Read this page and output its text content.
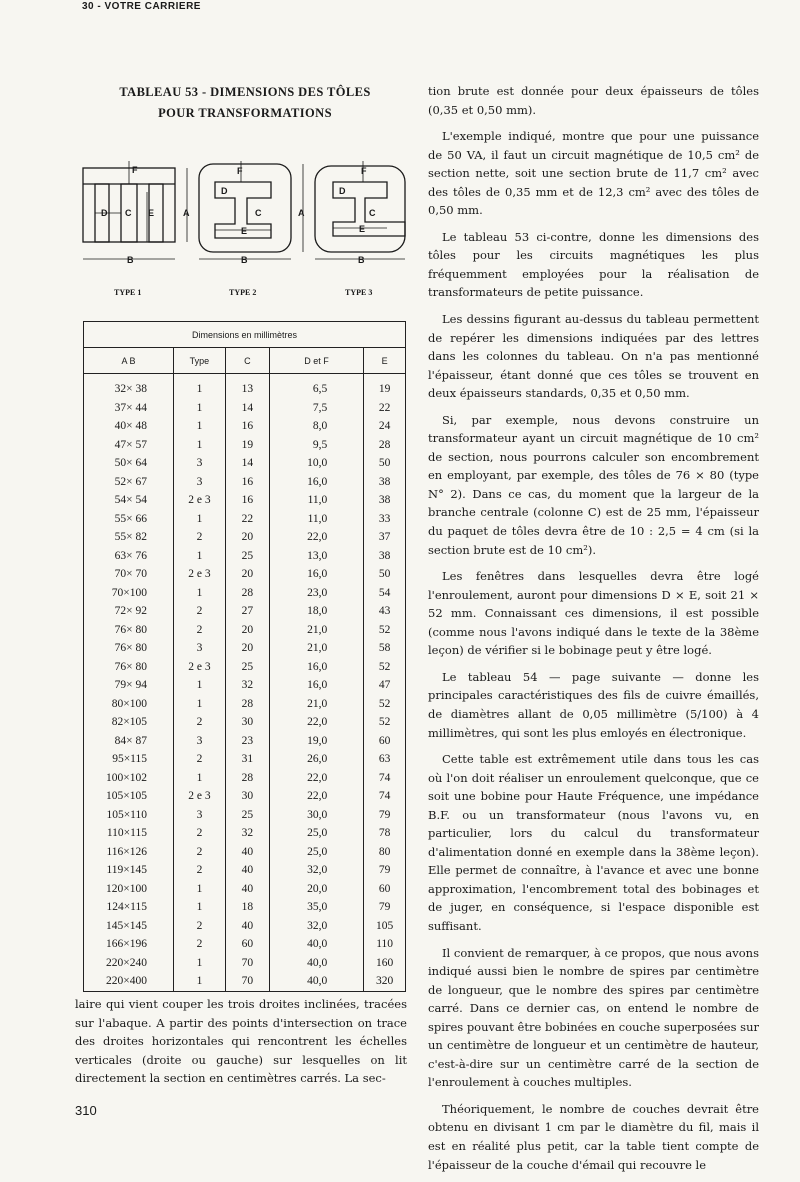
30 - VOTRE CARRIERE
TABLEAU 53 - DIMENSIONS DES TÔLES
POUR TRANSFORMATIONS
F
D C E	A
B
F
D
C
E
A
B
F
D
C
E
B
TYPE 1	TYPE 2	TYPE 3
Dimensions en millimètres				
A B	Type	C	D et F	E
32× 38	1	13	6,5	19
37× 44	1	14	7,5	22
40× 48	1	16	8,0	24
47× 57	1	19	9,5	28
50× 64	3	14	10,0	50
52× 67	3	16	16,0	38
54× 54	2 e 3	16	11,0	38
55× 66	1	22	11,0	33
55× 82	2	20	22,0	37
63× 76	1	25	13,0	38
70× 70	2 e 3	20	16,0	50
70×100	1	28	23,0	54
72× 92	2	27	18,0	43
76× 80	2	20	21,0	52
76× 80	3	20	21,0	58
76× 80	2 e 3	25	16,0	52
79× 94	1	32	16,0	47
80×100	1	28	21,0	52
82×105	2	30	22,0	52
84× 87	3	23	19,0	60
95×115	2	31	26,0	63
100×102	1	28	22,0	74
105×105	2 e 3	30	22,0	74
105×110	3	25	30,0	79
110×115	2	32	25,0	78
116×126	2	40	25,0	80
119×145	2	40	32,0	79
120×100	1	40	20,0	60
124×115	1	18	35,0	79
145×145	2	40	32,0	105
166×196	2	60	40,0	110
220×240	1	70	40,0	160
220×400	1	70	40,0	320
laire qui vient couper les trois droites inclinées, tracées sur l'abaque. A partir des points d'intersection on trace des droites horizontales qui rencontrent les échelles verticales (droite ou gauche) sur lesquelles on lit directement la section en centimètres carrés. La sec-

tion brute est donnée pour deux épaisseurs de tôles (0,35 et 0,50 mm).

L'exemple indiqué, montre que pour une puissance de 50 VA, il faut un circuit magnétique de 10,5 cm² de section nette, soit une section brute de 11,7 cm² avec des tôles de 0,35 mm et de 12,3 cm² avec des tôles de 0,50 mm.

Le tableau 53 ci-contre, donne les dimensions des tôles pour les circuits magnétiques les plus fréquemment employées pour la réalisation de transformateurs de petite puissance.

Les dessins figurant au-dessus du tableau permettent de repérer les dimensions indiquées par des lettres dans les colonnes du tableau. On n'a pas mentionné l'épaisseur, étant donné que ces tôles se trouvent en deux épaisseurs standards, 0,35 et 0,50 mm.

Si, par exemple, nous devons construire un transformateur ayant un circuit magnétique de 10 cm² de section, nous pourrons calculer son encombrement en employant, par exemple, des tôles de 76 × 80 (type N° 2). Dans ce cas, du moment que la largeur de la branche centrale (colonne C) est de 25 mm, l'épaisseur du paquet de tôles devra être de 10 : 2,5 = 4 cm (si la section brute est de 10 cm²).

Les fenêtres dans lesquelles devra être logé l'enroulement, auront pour dimensions D × E, soit 21 × 52 mm. Connaissant ces dimensions, il est possible (comme nous l'avons indiqué dans le texte de la 38ème leçon) de vérifier si le bobinage peut y être logé.

Le tableau 54 — page suivante — donne les principales caractéristiques des fils de cuivre émaillés, de diamètres allant de 0,05 millimètre (5/100) à 4 millimètres, qui sont les plus emloyés en électronique.

Cette table est extrêmement utile dans tous les cas où l'on doit réaliser un enroulement quelconque, que ce soit une bobine pour Haute Fréquence, une impédance B.F. ou un transformateur (nous l'avons vu, en particulier, lors du calcul du transformateur d'alimentation donné en exemple dans la 38ème leçon). Elle permet de connaître, à l'avance et avec une bonne approximation, l'encombrement total des bobinages et de juger, en conséquence, si l'espace disponible est suffisant.

Il convient de remarquer, à ce propos, que nous avons indiqué aussi bien le nombre de spires par centimètre de longueur, que le nombre des spires par centimètre carré. Dans ce dernier cas, on entend le nombre de spires pouvant être bobinées en couche superposées sur un centimètre de longueur et un centimètre de hauteur, c'est-à-dire sur un centimètre carré de la section de l'enroulement à couches multiples.

Théoriquement, le nombre de couches devrait être obtenu en divisant 1 cm par le diamètre du fil, mais il est en réalité plus petit, car la table tient compte de l'épaisseur de la couche d'émail qui recouvre le

310
